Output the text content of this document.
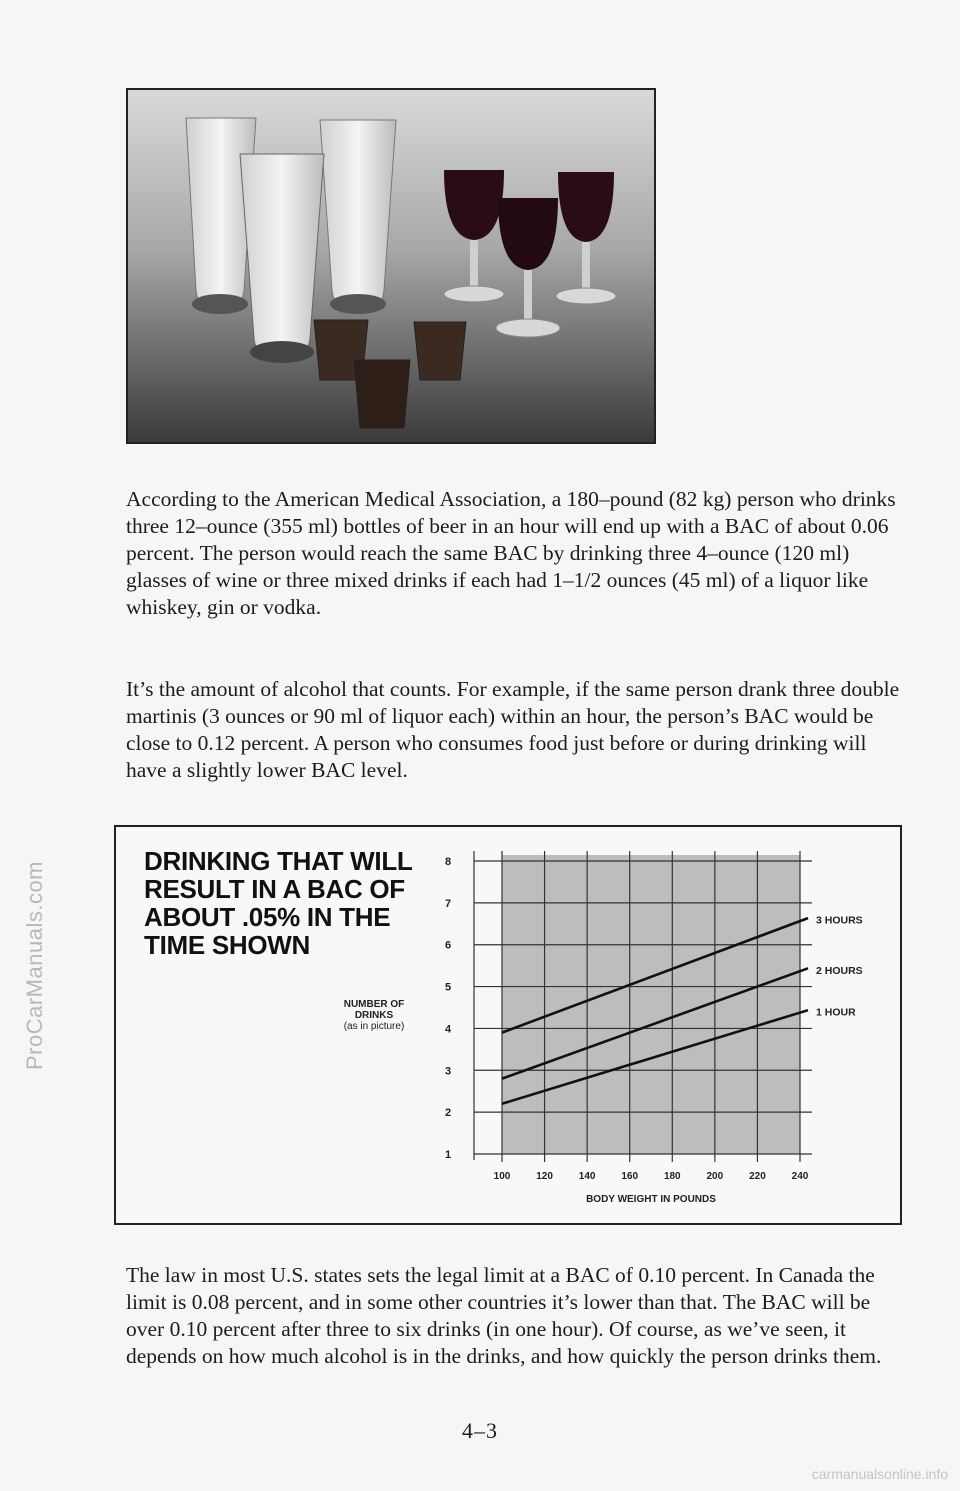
ProCarManuals.com

According to the American Medical Association, a 180–pound (82 kg) person who drinks three 12–ounce (355 ml) bottles of beer in an hour will end up with a BAC of about 0.06 percent. The person would reach the same BAC by drinking three 4–ounce (120 ml) glasses of wine or three mixed drinks if each had 1–1/2 ounces (45 ml) of a liquor like whiskey, gin or vodka.

It’s the amount of alcohol that counts. For example, if the same person drank three double martinis (3 ounces or 90 ml of liquor each) within an hour, the person’s BAC would be close to 0.12 percent. A person who consumes food just before or during drinking will have a slightly lower BAC level.

DRINKING THAT WILL RESULT IN A BAC OF ABOUT .05% IN THE TIME SHOWN
NUMBER OF DRINKS
(as in picture)
1
2
3
4
5
6
7
8
100	120	140	160	180	200	220	240
3 HOURS
2 HOURS
1 HOUR
BODY WEIGHT IN POUNDS

The law in most U.S. states sets the legal limit at a BAC of 0.10 percent. In Canada the limit is 0.08 percent, and in some other countries it’s lower than that. The BAC will be over 0.10 percent after three to six drinks (in one hour). Of course, as we’ve seen, it depends on how much alcohol is in the drinks, and how quickly the person drinks them.

4–3
carmanualsonline.info
